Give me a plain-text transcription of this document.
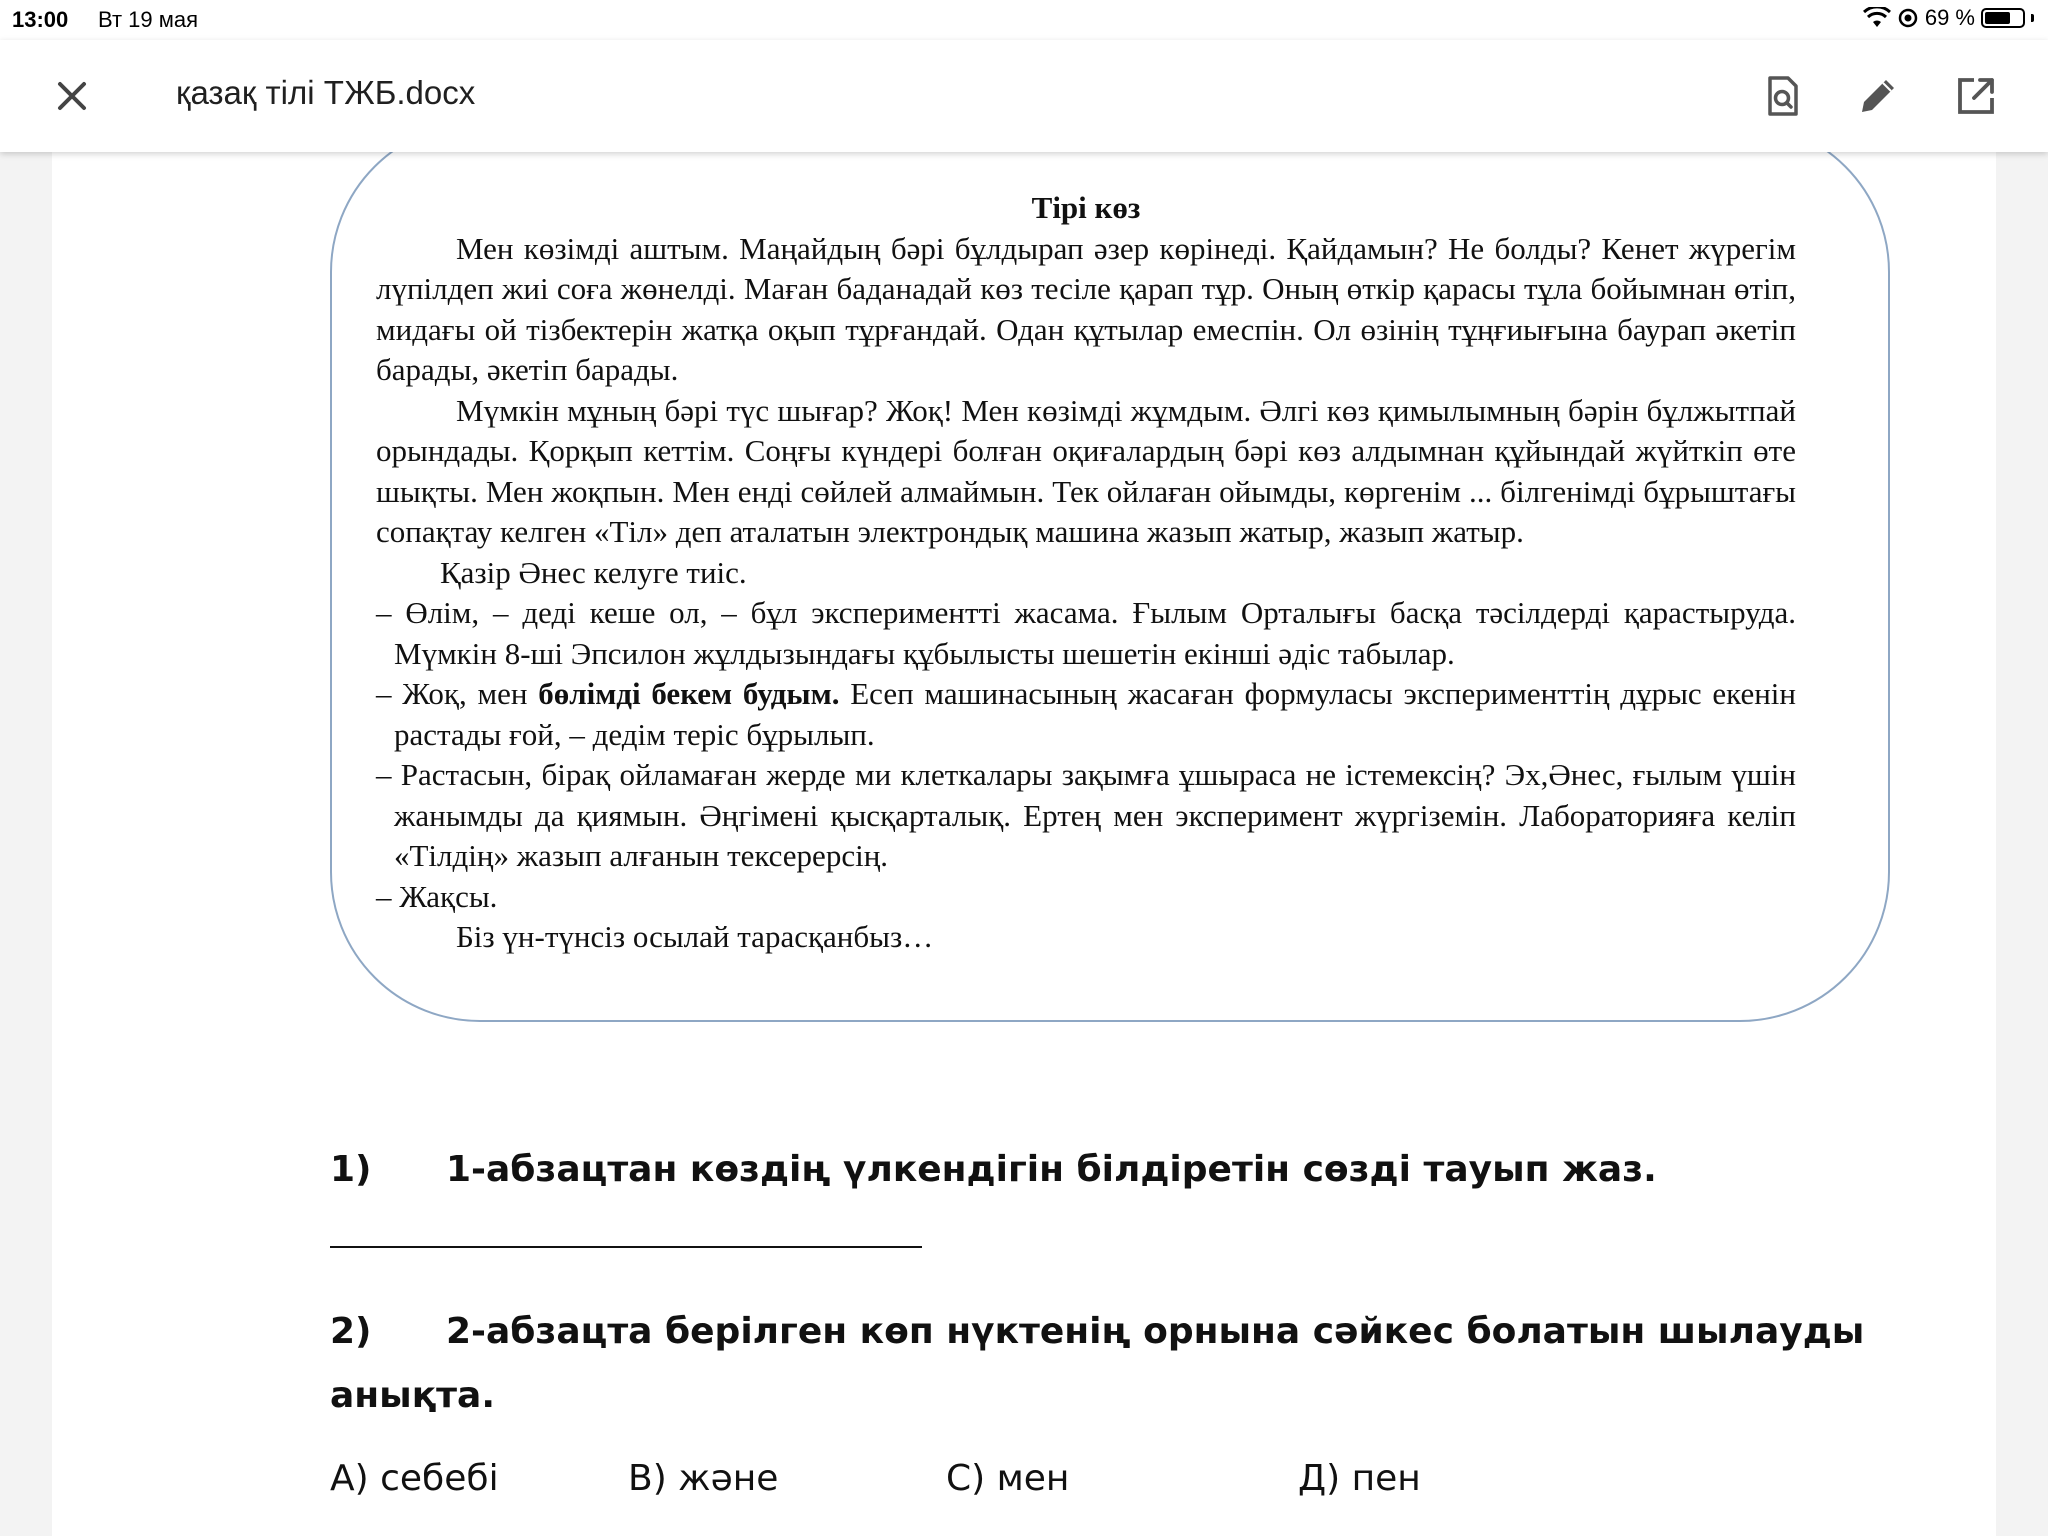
13:00 Вт 19 мая	69 %
қазақ тілі ТЖБ.docx
Тірі көз

Мен көзімді аштым. Маңайдың бәрі бұлдырап әзер көрінеді. Қайдамын? Не болды? Кенет жүрегім лүпілдеп жиі соға жөнелді. Маған баданадай көз тесіле қарап тұр. Оның өткір қарасы тұла бойымнан өтіп, мидағы ой тізбектерін жатқа оқып тұрғандай. Одан құтылар емеспін. Ол өзінің тұңғиығына баурап әкетіп барады, әкетіп барады.

Мүмкін мұның бәрі түс шығар? Жоқ! Мен көзімді жұмдым. Әлгі көз қимылымның бәрін бұлжытпай орындады. Қорқып кеттім. Соңғы күндері болған оқиғалардың бәрі көз алдымнан құйындай жүйткіп өте шықты. Мен жоқпын. Мен енді сөйлей алмаймын. Тек ойлаған ойымды, көргенім ... білгенімді бұрыштағы сопақтау келген «Тіл» деп аталатын электрондық машина жазып жатыр, жазып жатыр.

Қазір Әнес келуге тиіс.

– Өлім, – деді кеше ол, – бұл экспериментті жасама. Ғылым Орталығы басқа тәсілдерді қарастыруда. Мүмкін 8-ші Эпсилон жұлдызындағы құбылысты шешетін екінші әдіс табылар.

– Жоқ, мен бөлімді бекем будым. Есеп машинасының жасаған формуласы эксперименттің дұрыс екенін растады ғой, – дедім теріс бұрылып.

– Растасын, бірақ ойламаған жерде ми клеткалары зақымға ұшыраса не істемексің? Эх,Әнес, ғылым үшін жанымды да қиямын. Әңгімені қысқарталық. Ертең мен эксперимент жүргіземін. Лабораторияға келіп «Тілдің» жазып алғанын тексерерсің.

– Жақсы.

Біз үн-түнсіз осылай тарасқанбыз…

1) 1-абзацтан көздің үлкендігін білдіретін сөзді тауып жаз.
2) 2-абзацта берілген көп нүктенің орнына сәйкес болатын шылауды
анықта.
А) себебі	В) және	С) мен	Д) пен
